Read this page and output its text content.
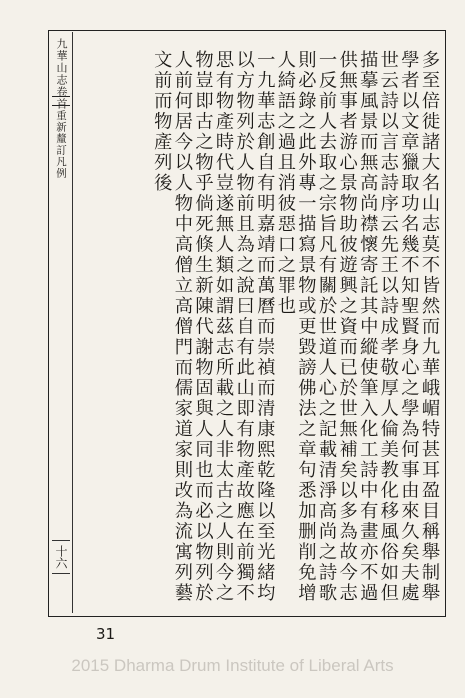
九華山志卷首
重新釐訂凡例
十六	多至倍徙諸大名山志莫不皆然而九華峨嵋特甚耳盈目稱舉制舉學者以文章獵取功名幾不知聖賢身心之學為何事由來久矣夫處世云詩以言志詩序云先王以詩成孝敬厚人倫美教化移風俗如但描摹風景而無高尚襟懷寄託其中縱使筆入化工詩中有畫亦不過供無事者游心景物助彼遊興之資而已於世無補矣以多為故今志一反前人去取之宗旨凡有關於世道人心之記載清淨高尚之詩歌則必錄之此外專一描寫景物或更毀謗佛法之章句悉加删削免增人綺語之過且消彼惡口之罪也

一九華志創自有明嘉靖而萬曆而崇禎而清康熙乾隆以至光緒均以方物列於人物前且為之說曰自有此山即有物產故應在前獨不思有物產時代豈遂無人類如謂茲志所載之人非太古之人則今之物豈即古之物乎倘死倏生新陳代謝物固與人同也而必以物列於人前何居今以人物中高僧立高僧門而儒家道家則改為流寓列藝文前而物產列後

31
2015 Dharma Drum Institute of Liberal Arts
